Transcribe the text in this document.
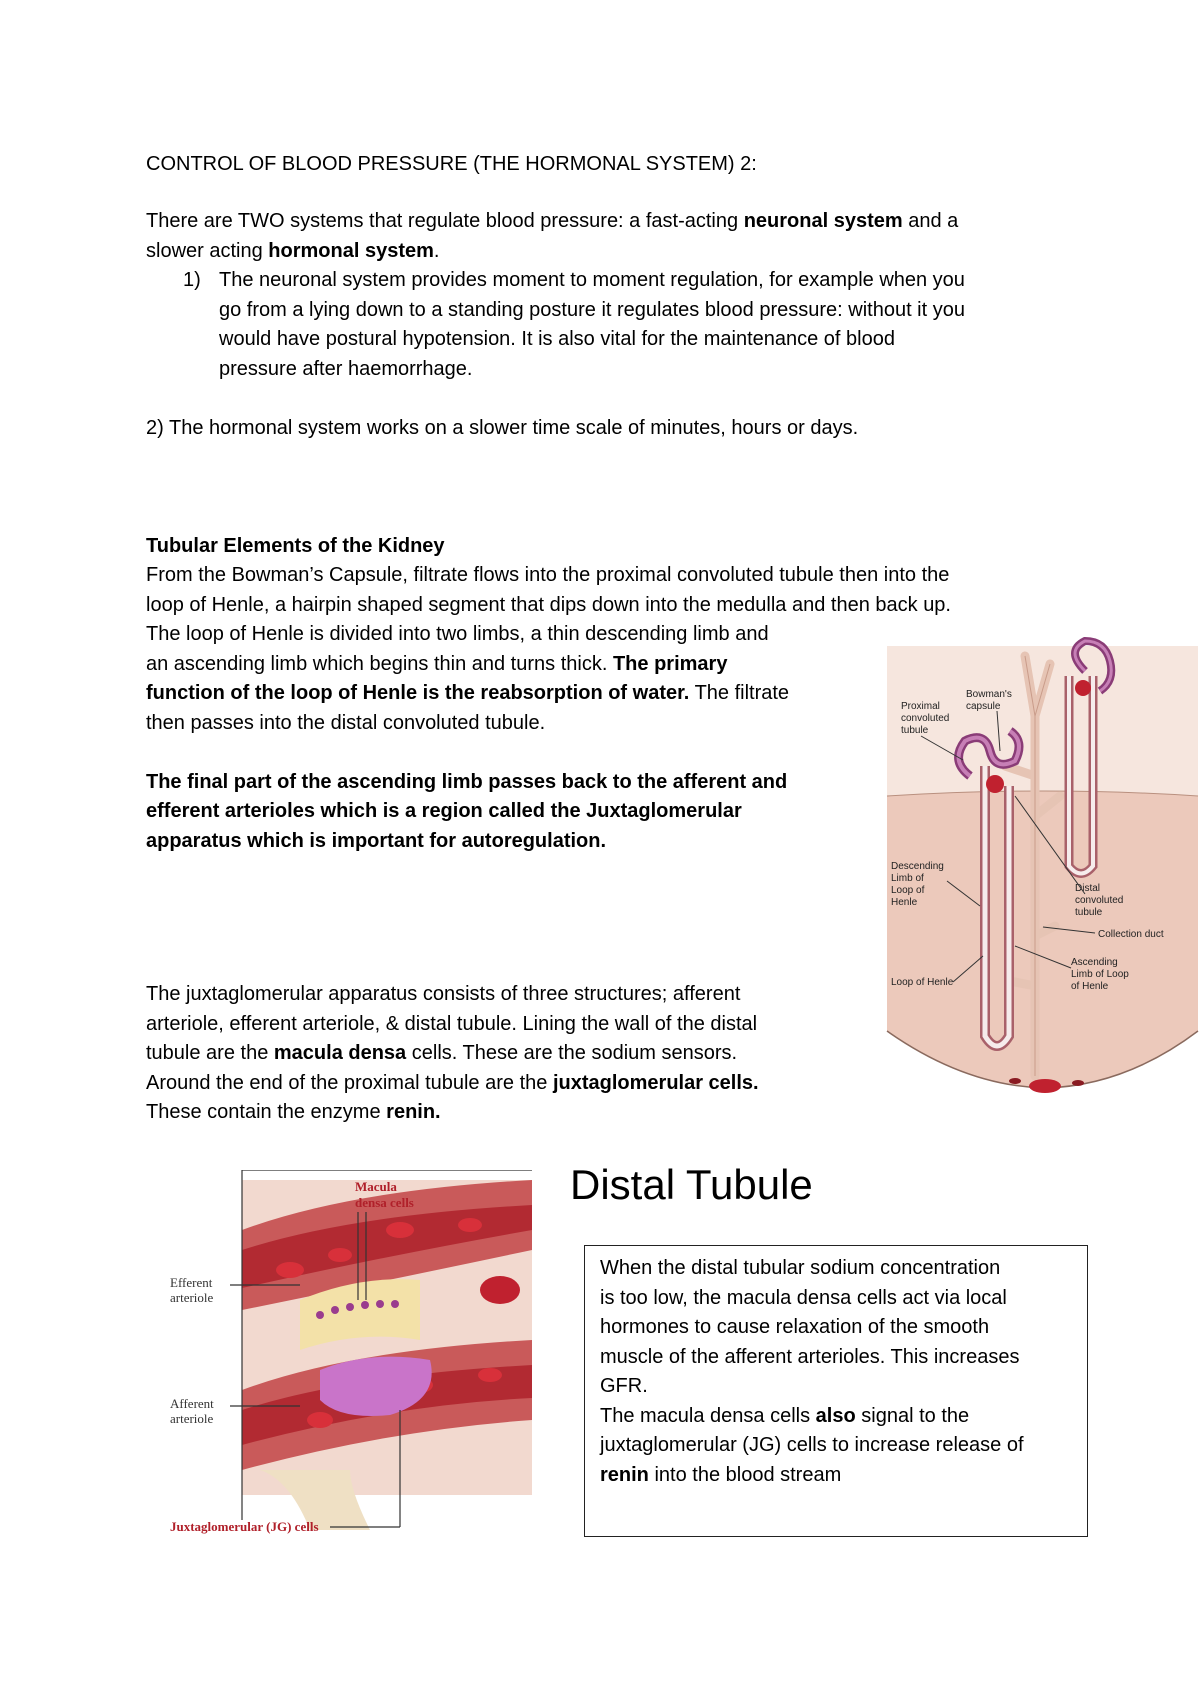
CONTROL OF BLOOD PRESSURE (THE HORMONAL SYSTEM) 2:

There are TWO systems that regulate blood pressure: a fast-acting neuronal system and a

slower acting hormonal system.

1) The neuronal system provides moment to moment regulation, for example when you

go from a lying down to a standing posture it regulates blood pressure: without it you

would have postural hypotension. It is also vital for the maintenance of blood

pressure after haemorrhage.

2) The hormonal system works on a slower time scale of minutes, hours or days.

Tubular Elements of the Kidney

From the Bowman’s Capsule, filtrate flows into the proximal convoluted tubule then into the

loop of Henle, a hairpin shaped segment that dips down into the medulla and then back up.

The loop of Henle is divided into two limbs, a thin descending limb and

an ascending limb which begins thin and turns thick. The primary

function of the loop of Henle is the reabsorption of water. The filtrate

then passes into the distal convoluted tubule.

The final part of the ascending limb passes back to the afferent and

efferent arterioles which is a region called the Juxtaglomerular

apparatus which is important for autoregulation.

The juxtaglomerular apparatus consists of three structures; afferent

arteriole, efferent arteriole, & distal tubule. Lining the wall of the distal

tubule are the macula densa cells. These are the sodium sensors.

Around the end of the proximal tubule are the juxtaglomerular cells.

These contain the enzyme renin.

Proximal
convoluted
tubule
Bowman's
capsule
Descending
Limb of
Loop of
Henle
Distal
convoluted
tubule
Collection duct
Ascending
Limb of Loop
of Henle
Loop of Henle
Macula
densa cells
Juxtaglomerular (JG) cells
Efferent
arteriole
Afferent
arteriole

Distal Tubule

When the distal tubular sodium concentration

is too low, the macula densa cells act via local

hormones to cause relaxation of the smooth

muscle of the afferent arterioles. This increases

GFR.

The macula densa cells also signal to the

juxtaglomerular (JG) cells to increase release of

renin into the blood stream
